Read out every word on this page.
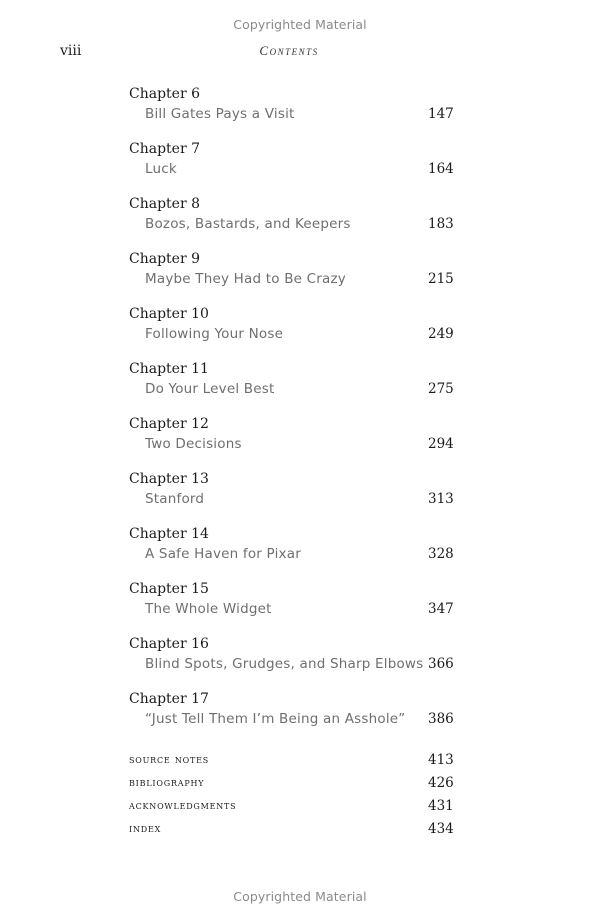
Copyrighted Material
viii	Contents
Chapter 6
Bill Gates Pays a Visit	147
Chapter 7
Luck	164
Chapter 8
Bozos, Bastards, and Keepers	183
Chapter 9
Maybe They Had to Be Crazy	215
Chapter 10
Following Your Nose	249
Chapter 11
Do Your Level Best	275
Chapter 12
Two Decisions	294
Chapter 13
Stanford	313
Chapter 14
A Safe Haven for Pixar	328
Chapter 15
The Whole Widget	347
Chapter 16
Blind Spots, Grudges, and Sharp Elbows 366
Chapter 17
“Just Tell Them I’m Being an Asshole” 386
source notes	413
bibliography	426
acknowledgments	431
index	434
Copyrighted Material
